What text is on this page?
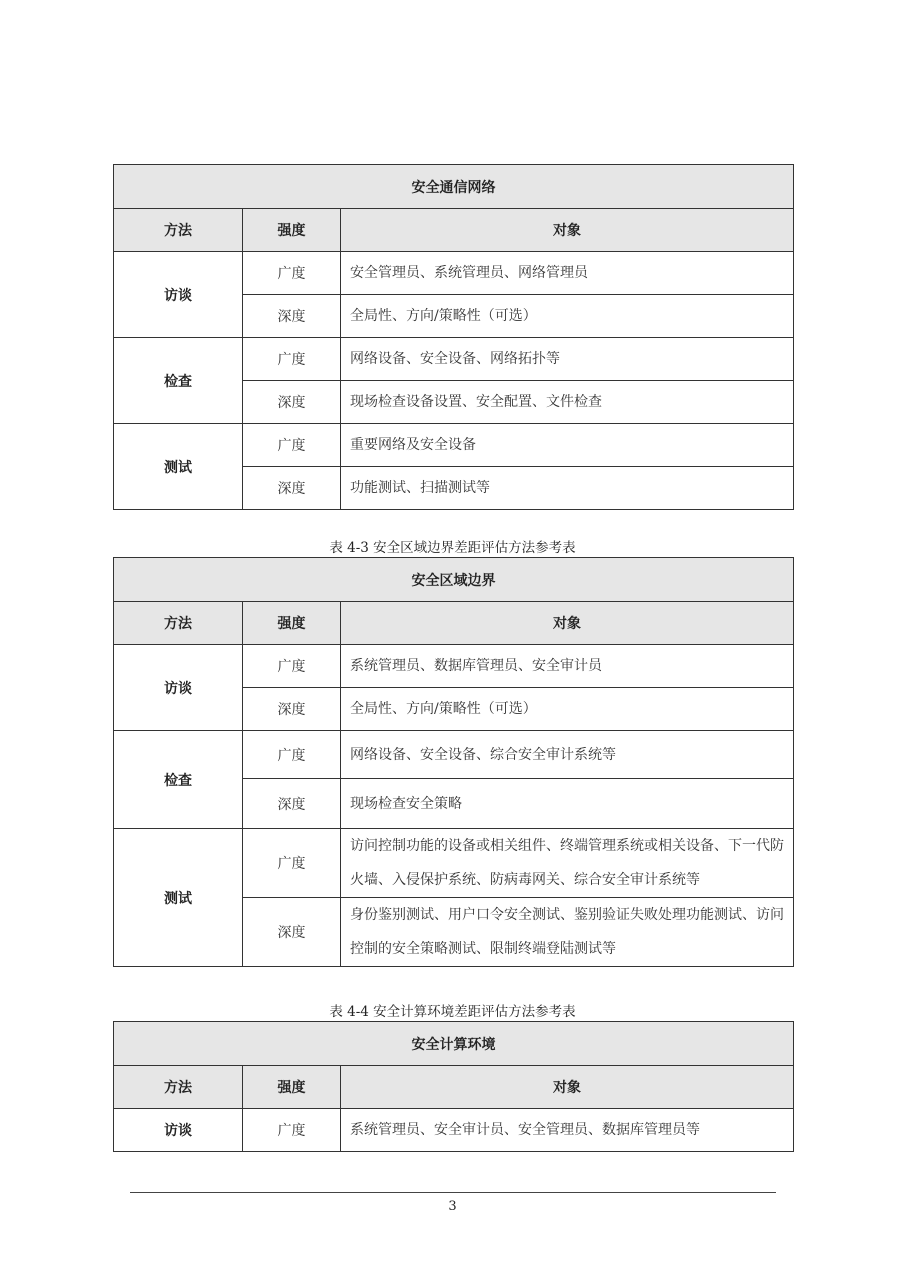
安全通信网络		
方法	强度	对象
访谈	广度	安全管理员、系统管理员、网络管理员
	深度	全局性、方向/策略性（可选）
检查	广度	网络设备、安全设备、网络拓扑等
	深度	现场检查设备设置、安全配置、文件检查
测试	广度	重要网络及安全设备
	深度	功能测试、扫描测试等
表 4-3 安全区域边界差距评估方法参考表
安全区域边界		
方法	强度	对象
访谈	广度	系统管理员、数据库管理员、安全审计员
	深度	全局性、方向/策略性（可选）
检查	广度	网络设备、安全设备、综合安全审计系统等
	深度	现场检查安全策略
测试	广度	访问控制功能的设备或相关组件、终端管理系统或相关设备、下一代防火墙、入侵保护系统、防病毒网关、综合安全审计系统等
	深度	身份鉴别测试、用户口令安全测试、鉴别验证失败处理功能测试、访问控制的安全策略测试、限制终端登陆测试等
表 4-4 安全计算环境差距评估方法参考表
安全计算环境		
方法	强度	对象
访谈	广度	系统管理员、安全审计员、安全管理员、数据库管理员等
3
